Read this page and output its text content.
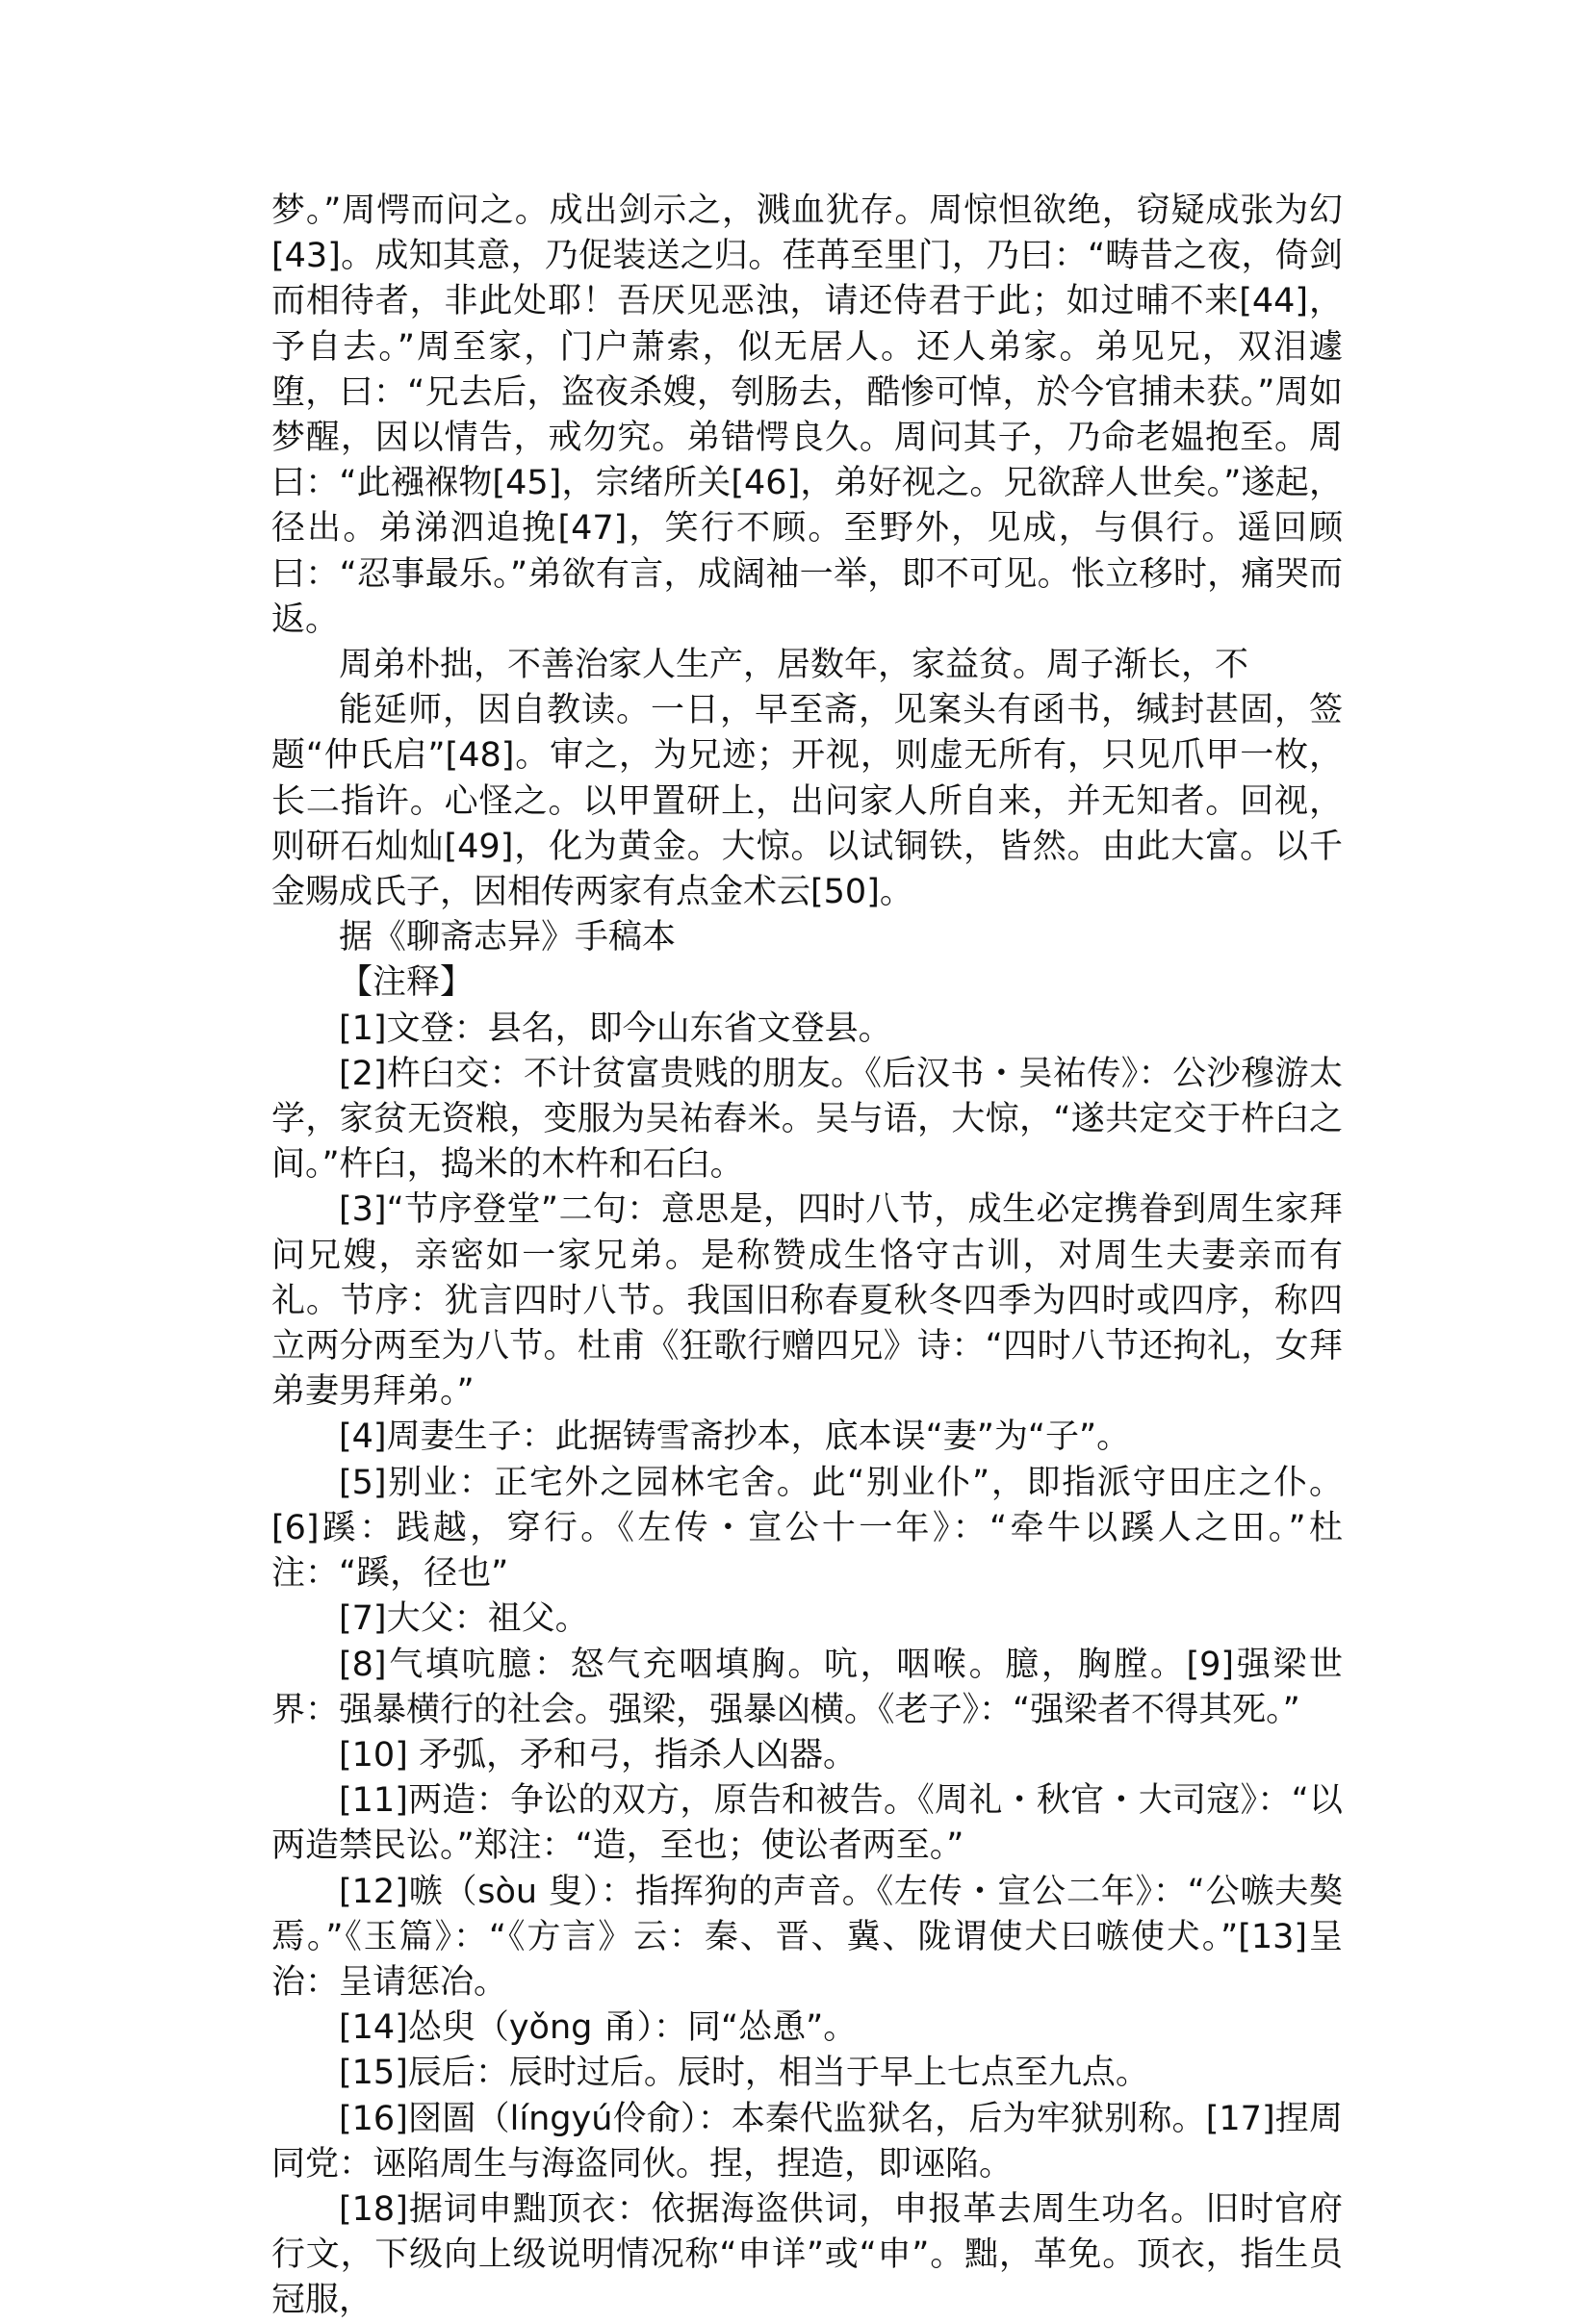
梦。”周愕而问之。成出剑示之，溅血犹存。周惊怛欲绝，窃疑成张为幻[43]。成知其意，乃促装送之归。荏苒至里门，乃曰：“畴昔之夜，倚剑而相待者，非此处耶！吾厌见恶浊，请还侍君于此；如过晡不来[44]，予自去。”周至家，门户萧索，似无居人。还人弟家。弟见兄，双泪遽堕，曰：“兄去后，盗夜杀嫂，刳肠去，酷惨可悼，於今官捕未获。”周如梦醒，因以情告，戒勿究。弟错愕良久。周问其子，乃命老媪抱至。周曰：“此襁褓物[45]，宗绪所关[46]，弟好视之。兄欲辞人世矣。”遂起，径出。弟涕泗追挽[47]，笑行不顾。至野外，见成，与俱行。遥回顾曰：“忍事最乐。”弟欲有言，成阔袖一举，即不可见。怅立移时，痛哭而返。

周弟朴拙，不善治家人生产，居数年，家益贫。周子渐长，不

能延师，因自教读。一日，早至斋，见案头有函书，缄封甚固，签题“仲氏启”[48]。审之，为兄迹；开视，则虚无所有，只见爪甲一枚，长二指许。心怪之。以甲置研上，出问家人所自来，并无知者。回视，则研石灿灿[49]，化为黄金。大惊。以试铜铁，皆然。由此大富。以千金赐成氏子，因相传两家有点金术云[50]。

据《聊斋志异》手稿本

【注释】

[1]文登：县名，即今山东省文登县。

[2]杵臼交：不计贫富贵贱的朋友。《后汉书・吴祐传》：公沙穆游太学，家贫无资粮，变服为吴祐舂米。吴与语，大惊，“遂共定交于杵臼之间。”杵臼，捣米的木杵和石臼。

[3]“节序登堂”二句：意思是，四时八节，成生必定携眷到周生家拜问兄嫂，亲密如一家兄弟。是称赞成生恪守古训，对周生夫妻亲而有礼。节序：犹言四时八节。我国旧称春夏秋冬四季为四时或四序，称四立两分两至为八节。杜甫《狂歌行赠四兄》诗：“四时八节还拘礼，女拜弟妻男拜弟。”

[4]周妻生子：此据铸雪斋抄本，底本误“妻”为“子”。

[5]别业：正宅外之园林宅舍。此“别业仆”，即指派守田庄之仆。[6]蹊：践越，穿行。《左传・宣公十一年》：“牵牛以蹊人之田。”杜注：“蹊，径也”

[7]大父：祖父。

[8]气填吭臆：怒气充咽填胸。吭，咽喉。臆，胸膛。[9]强梁世界：强暴横行的社会。强梁，强暴凶横。《老子》：“强梁者不得其死。”

[10] 矛弧，矛和弓，指杀人凶器。

[11]两造：争讼的双方，原告和被告。《周礼・秋官・大司寇》：“以两造禁民讼。”郑注：“造，至也；使讼者两至。”

[12]嗾（sòu 叟）：指挥狗的声音。《左传・宣公二年》：“公嗾夫獒焉。”《玉篇》：“《方言》云：秦、晋、冀、陇谓使犬曰嗾使犬。”[13]呈治：呈请惩冶。

[14]怂臾（yǒng 甬）：同“怂恿”。

[15]辰后：辰时过后。辰时，相当于早上七点至九点。

[16]囹圄（língyú伶俞）：本秦代监狱名，后为牢狱别称。[17]捏周同党：诬陷周生与海盗同伙。捏，捏造，即诬陷。

[18]据词申黜顶衣：依据海盗供词，申报革去周生功名。旧时官府行文，下级向上级说明情况称“申详”或“申”。黜，革免。顶衣，指生员冠服，
